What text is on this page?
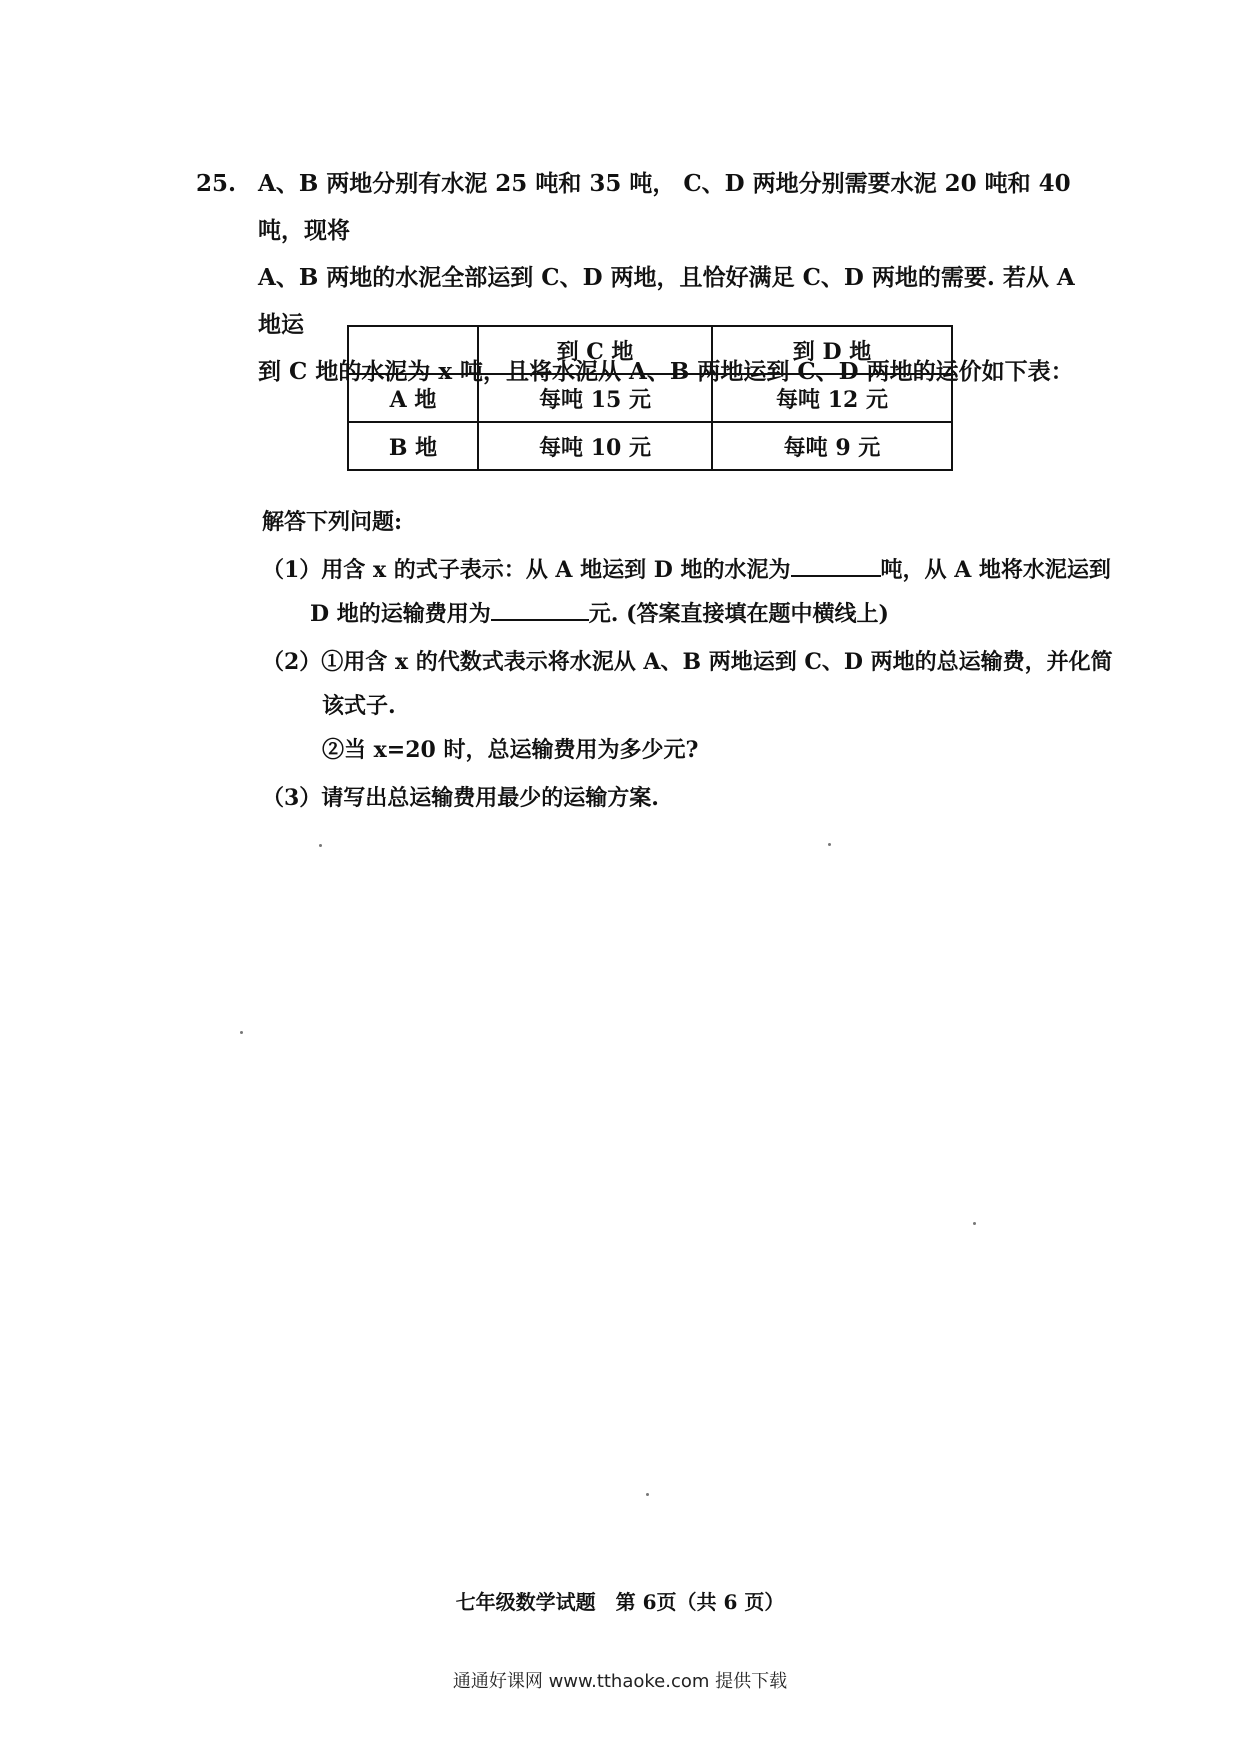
25. A、B 两地分别有水泥 25 吨和 35 吨， C、D 两地分别需要水泥 20 吨和 40 吨，现将

A、B 两地的水泥全部运到 C、D 两地，且恰好满足 C、D 两地的需要. 若从 A 地运

到 C 地的水泥为 x 吨，且将水泥从 A、B 两地运到 C、D 两地的运价如下表：

	到 C 地	到 D 地
A 地	每吨 15 元	每吨 12 元
B 地	每吨 10 元	每吨 9 元

解答下列问题:

（1）用含 x 的式子表示：从 A 地运到 D 地的水泥为	吨，从 A 地将水泥运到

D 地的运输费用为	元. (答案直接填在题中横线上)

（2）①用含 x 的代数式表示将水泥从 A、B 两地运到 C、D 两地的总运输费，并化简

该式子.

②当 x=20 时，总运输费用为多少元?

（3）请写出总运输费用最少的运输方案.

七年级数学试题　第 6页（共 6 页）
通通好课网 www.tthaoke.com 提供下载
